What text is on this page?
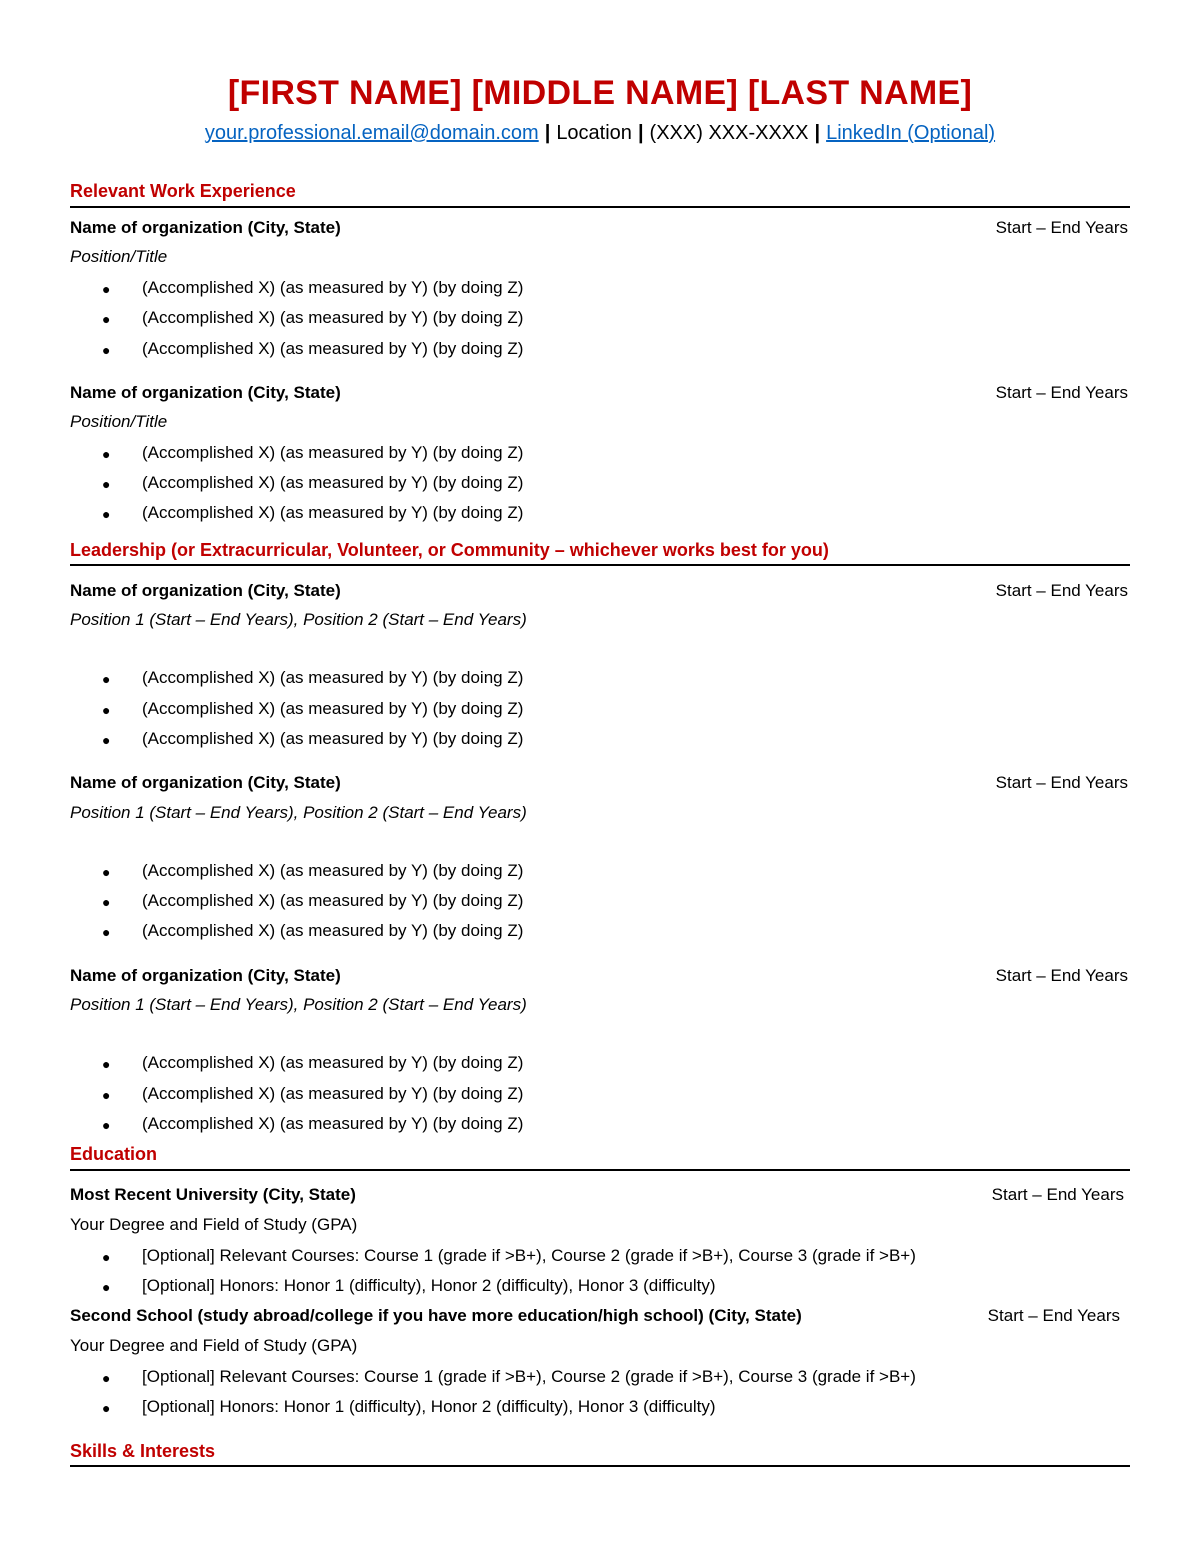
[FIRST NAME] [MIDDLE NAME] [LAST NAME]
your.professional.email@domain.com | Location | (XXX) XXX-XXXX | LinkedIn (Optional)
Relevant Work Experience
Name of organization (City, State)	Start – End Years
Position/Title
● (Accomplished X) (as measured by Y) (by doing Z)
● (Accomplished X) (as measured by Y) (by doing Z)
● (Accomplished X) (as measured by Y) (by doing Z)
Name of organization (City, State)	Start – End Years
Position/Title
● (Accomplished X) (as measured by Y) (by doing Z)
● (Accomplished X) (as measured by Y) (by doing Z)
● (Accomplished X) (as measured by Y) (by doing Z)
Leadership (or Extracurricular, Volunteer, or Community – whichever works best for you)
Name of organization (City, State)	Start – End Years
Position 1 (Start – End Years), Position 2 (Start – End Years)
● (Accomplished X) (as measured by Y) (by doing Z)
● (Accomplished X) (as measured by Y) (by doing Z)
● (Accomplished X) (as measured by Y) (by doing Z)
Name of organization (City, State)	Start – End Years
Position 1 (Start – End Years), Position 2 (Start – End Years)
● (Accomplished X) (as measured by Y) (by doing Z)
● (Accomplished X) (as measured by Y) (by doing Z)
● (Accomplished X) (as measured by Y) (by doing Z)
Name of organization (City, State)	Start – End Years
Position 1 (Start – End Years), Position 2 (Start – End Years)
● (Accomplished X) (as measured by Y) (by doing Z)
● (Accomplished X) (as measured by Y) (by doing Z)
● (Accomplished X) (as measured by Y) (by doing Z)
Education
Most Recent University (City, State)	Start – End Years
Your Degree and Field of Study (GPA)
● [Optional] Relevant Courses: Course 1 (grade if >B+), Course 2 (grade if >B+), Course 3 (grade if >B+)
● [Optional] Honors: Honor 1 (difficulty), Honor 2 (difficulty), Honor 3 (difficulty)
Second School (study abroad/college if you have more education/high school) (City, State)	Start – End Years
Your Degree and Field of Study (GPA)
● [Optional] Relevant Courses: Course 1 (grade if >B+), Course 2 (grade if >B+), Course 3 (grade if >B+)
● [Optional] Honors: Honor 1 (difficulty), Honor 2 (difficulty), Honor 3 (difficulty)
Skills & Interests
